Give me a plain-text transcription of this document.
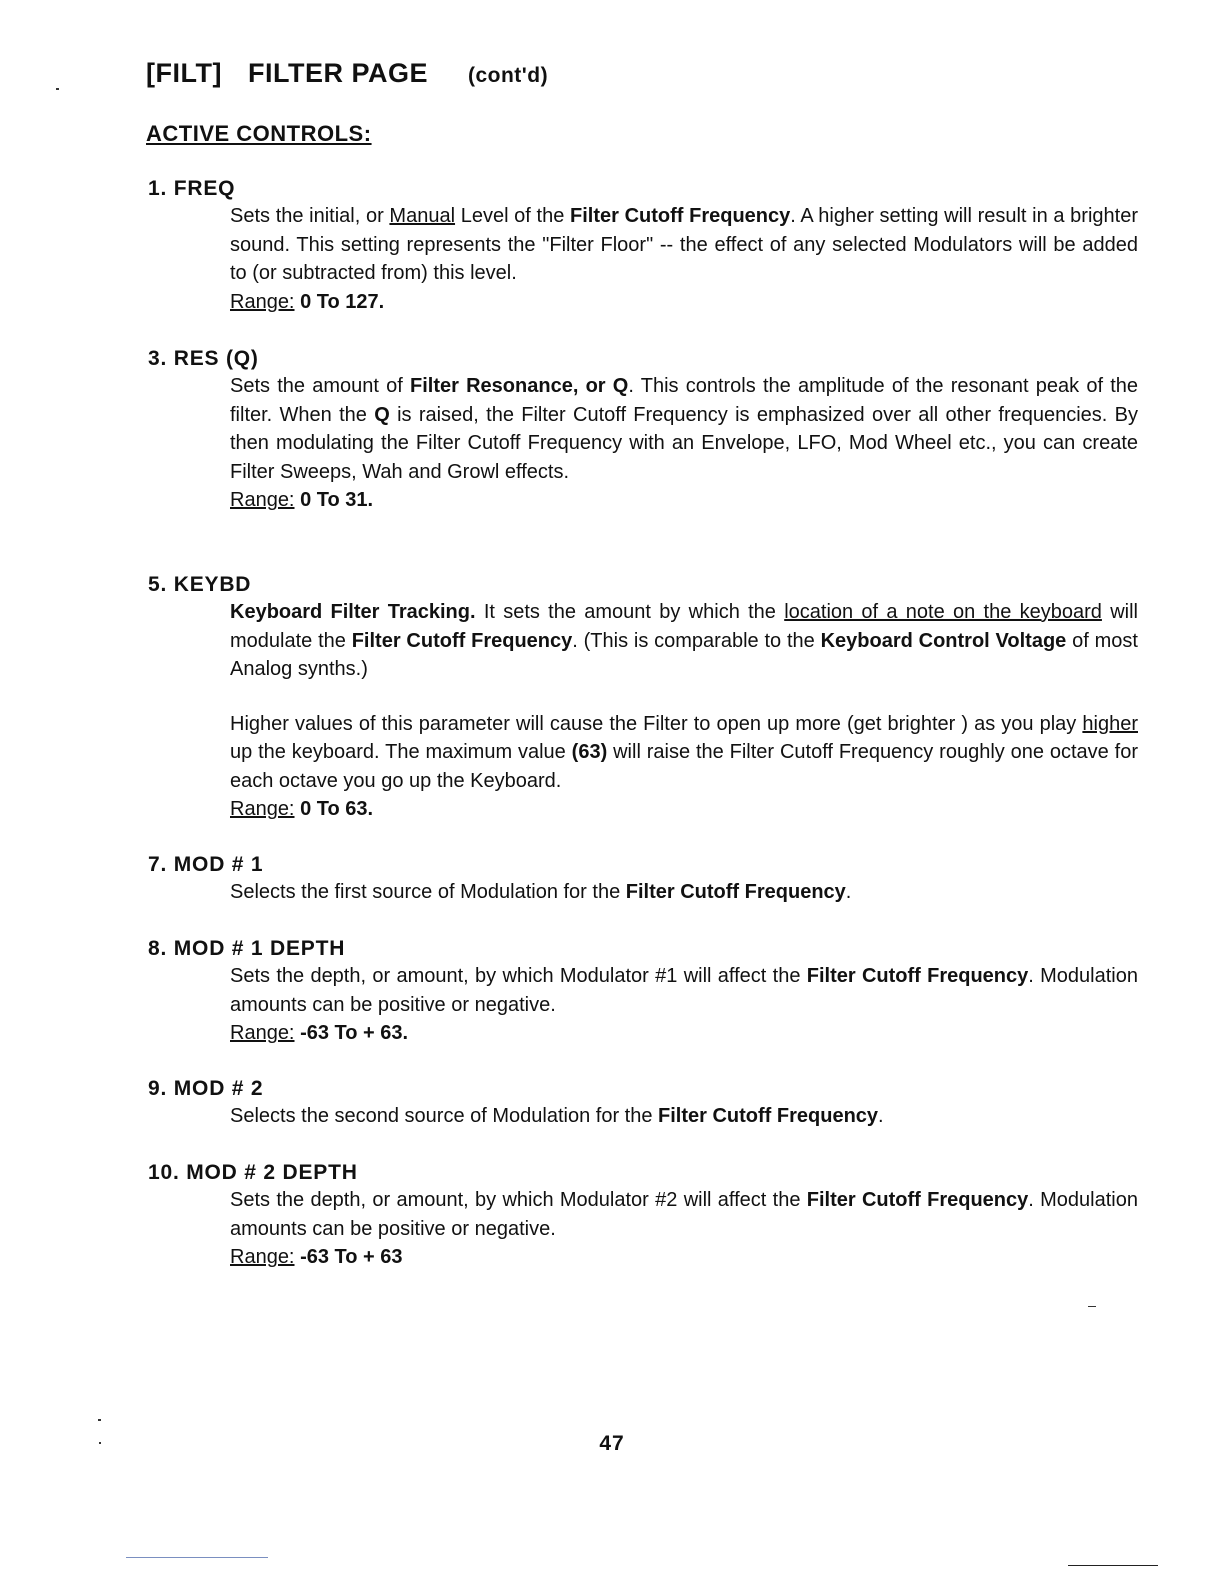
[FILT] FILTER PAGE (cont'd)
ACTIVE CONTROLS:
1. FREQ

Sets the initial, or Manual Level of the Filter Cutoff Frequency. A higher setting will result in a brighter sound. This setting represents the "Filter Floor" -- the effect of any selected Modulators will be added to (or subtracted from) this level.

Range: 0 To 127.
3. RES (Q)

Sets the amount of Filter Resonance, or Q. This controls the amplitude of the resonant peak of the filter. When the Q is raised, the Filter Cutoff Frequency is emphasized over all other frequencies. By then modulating the Filter Cutoff Frequency with an Envelope, LFO, Mod Wheel etc., you can create Filter Sweeps, Wah and Growl effects.

Range: 0 To 31.
5. KEYBD

Keyboard Filter Tracking. It sets the amount by which the location of a note on the keyboard will modulate the Filter Cutoff Frequency. (This is comparable to the Keyboard Control Voltage of most Analog synths.)

Higher values of this parameter will cause the Filter to open up more (get brighter ) as you play higher up the keyboard. The maximum value (63) will raise the Filter Cutoff Frequency roughly one octave for each octave you go up the Keyboard.

Range: 0 To 63.
7. MOD # 1

Selects the first source of Modulation for the Filter Cutoff Frequency.

8. MOD # 1 DEPTH

Sets the depth, or amount, by which Modulator #1 will affect the Filter Cutoff Frequency. Modulation amounts can be positive or negative.

Range: -63 To + 63.
9. MOD # 2

Selects the second source of Modulation for the Filter Cutoff Frequency.

10. MOD # 2 DEPTH

Sets the depth, or amount, by which Modulator #2 will affect the Filter Cutoff Frequency. Modulation amounts can be positive or negative.

Range: -63 To + 63
47
